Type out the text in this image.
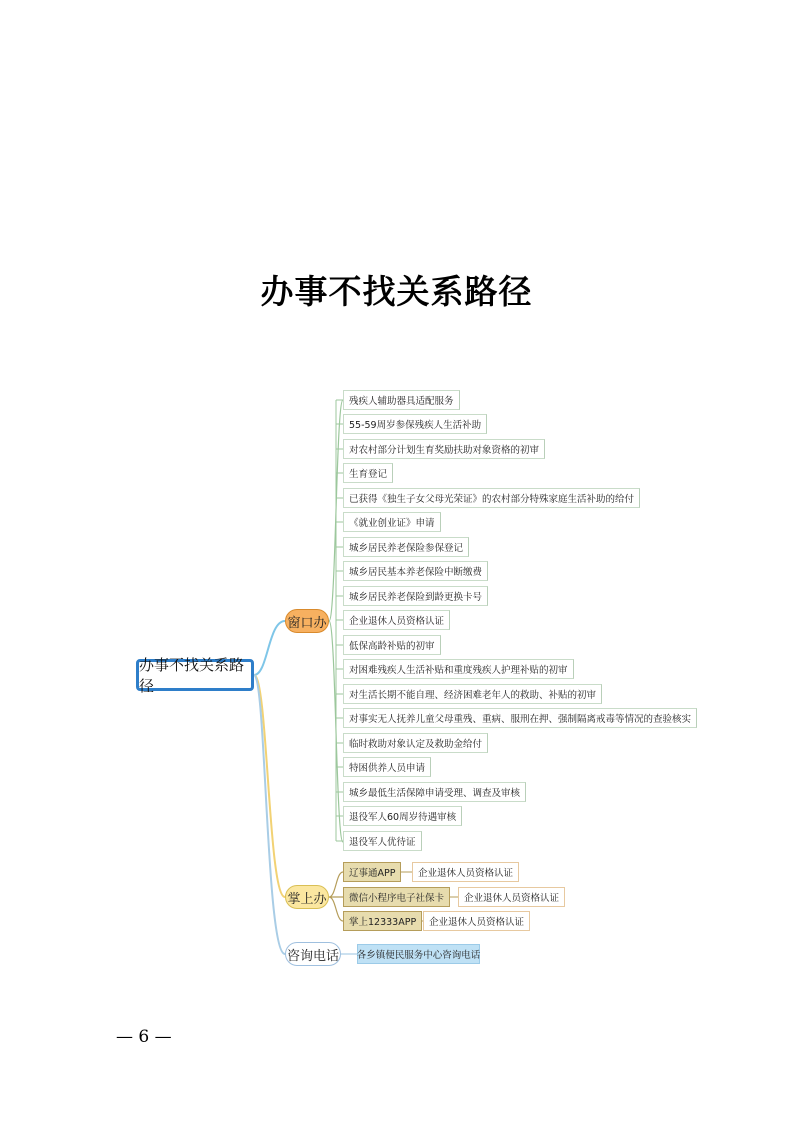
办事不找关系路径
办事不找关系路径
窗口办
掌上办
咨询电话
残疾人辅助器具适配服务
55-59周岁参保残疾人生活补助
对农村部分计划生育奖励扶助对象资格的初审
生育登记
已获得《独生子女父母光荣证》的农村部分特殊家庭生活补助的给付
《就业创业证》申请
城乡居民养老保险参保登记
城乡居民基本养老保险中断缴费
城乡居民养老保险到龄更换卡号
企业退休人员资格认证
低保高龄补贴的初审
对困难残疾人生活补贴和重度残疾人护理补贴的初审
对生活长期不能自理、经济困难老年人的救助、补贴的初审
对事实无人抚养儿童父母重残、重病、服刑在押、强制隔离戒毒等情况的查验核实
临时救助对象认定及救助金给付
特困供养人员申请
城乡最低生活保障申请受理、调查及审核
退役军人60周岁待遇审核
退役军人优待证
辽事通APP	企业退休人员资格认证
微信小程序电子社保卡	企业退休人员资格认证
掌上12333APP	企业退休人员资格认证
各乡镇便民服务中心咨询电话
— 6 —
